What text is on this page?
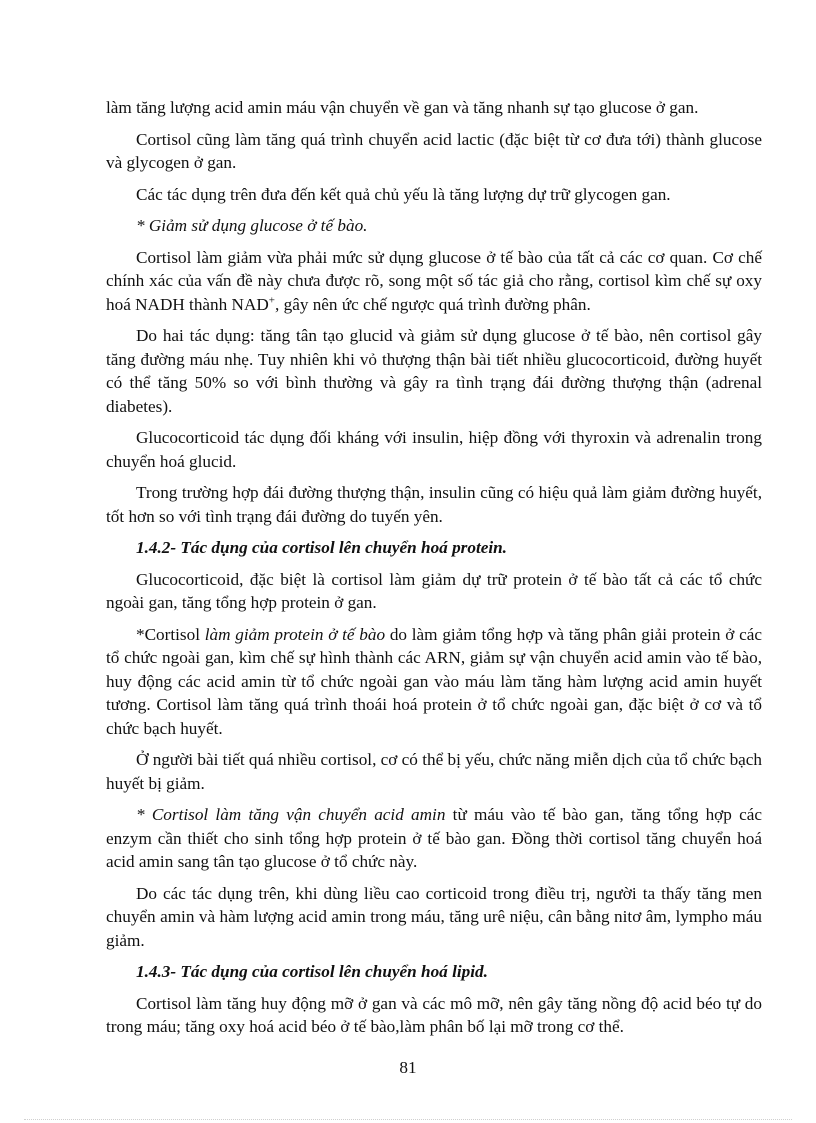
làm tăng lượng acid amin máu vận chuyển về gan và tăng nhanh sự tạo glucose ở gan.

Cortisol cũng làm tăng quá trình chuyển acid lactic (đặc biệt từ cơ đưa tới) thành glucose và glycogen ở gan.

Các tác dụng trên đưa đến kết quả chủ yếu là tăng lượng dự trữ glycogen gan.

* Giảm sử dụng glucose ở tế bào.

Cortisol làm giảm vừa phải mức sử dụng glucose ở tế bào của tất cả các cơ quan. Cơ chế chính xác của vấn đề này chưa được rõ, song một số tác giả cho rằng, cortisol kìm chế sự oxy hoá NADH thành NAD+, gây nên ức chế ngược quá trình đường phân.

Do hai tác dụng: tăng tân tạo glucid và giảm sử dụng glucose ở tế bào, nên cortisol gây tăng đường máu nhẹ. Tuy nhiên khi vỏ thượng thận bài tiết nhiều glucocorticoid, đường huyết có thể tăng 50% so với bình thường và gây ra tình trạng đái đường thượng thận (adrenal diabetes).

Glucocorticoid tác dụng đối kháng với insulin, hiệp đồng với thyroxin và adrenalin trong chuyển hoá glucid.

Trong trường hợp đái đường thượng thận, insulin cũng có hiệu quả làm giảm đường huyết, tốt hơn so với tình trạng đái đường do tuyến yên.

1.4.2- Tác dụng của cortisol lên chuyển hoá protein.

Glucocorticoid, đặc biệt là cortisol làm giảm dự trữ protein ở tế bào tất cả các tổ chức ngoài gan, tăng tổng hợp protein ở gan.

*Cortisol làm giảm protein ở tế bào do làm giảm tổng hợp và tăng phân giải protein ở các tổ chức ngoài gan, kìm chế sự hình thành các ARN, giảm sự vận chuyển acid amin vào tế bào, huy động các acid amin từ tổ chức ngoài gan vào máu làm tăng hàm lượng acid amin huyết tương. Cortisol làm tăng quá trình thoái hoá protein ở tổ chức ngoài gan, đặc biệt ở cơ và tổ chức bạch huyết.

Ở người bài tiết quá nhiều cortisol, cơ có thể bị yếu, chức năng miễn dịch của tổ chức bạch huyết bị giảm.

* Cortisol làm tăng vận chuyển acid amin từ máu vào tế bào gan, tăng tổng hợp các enzym cần thiết cho sinh tổng hợp protein ở tế bào gan. Đồng thời cortisol tăng chuyển hoá acid amin sang tân tạo glucose ở tổ chức này.

Do các tác dụng trên, khi dùng liều cao corticoid trong điều trị, người ta thấy tăng men chuyển amin và hàm lượng acid amin trong máu, tăng urê niệu, cân bằng nitơ âm, lympho máu giảm.

1.4.3- Tác dụng của cortisol lên chuyển hoá lipid.

Cortisol làm tăng huy động mỡ ở gan và các mô mỡ, nên gây tăng nồng độ acid béo tự do trong máu; tăng oxy hoá acid béo ở tế bào,làm phân bố lại mỡ trong cơ thể.

81
